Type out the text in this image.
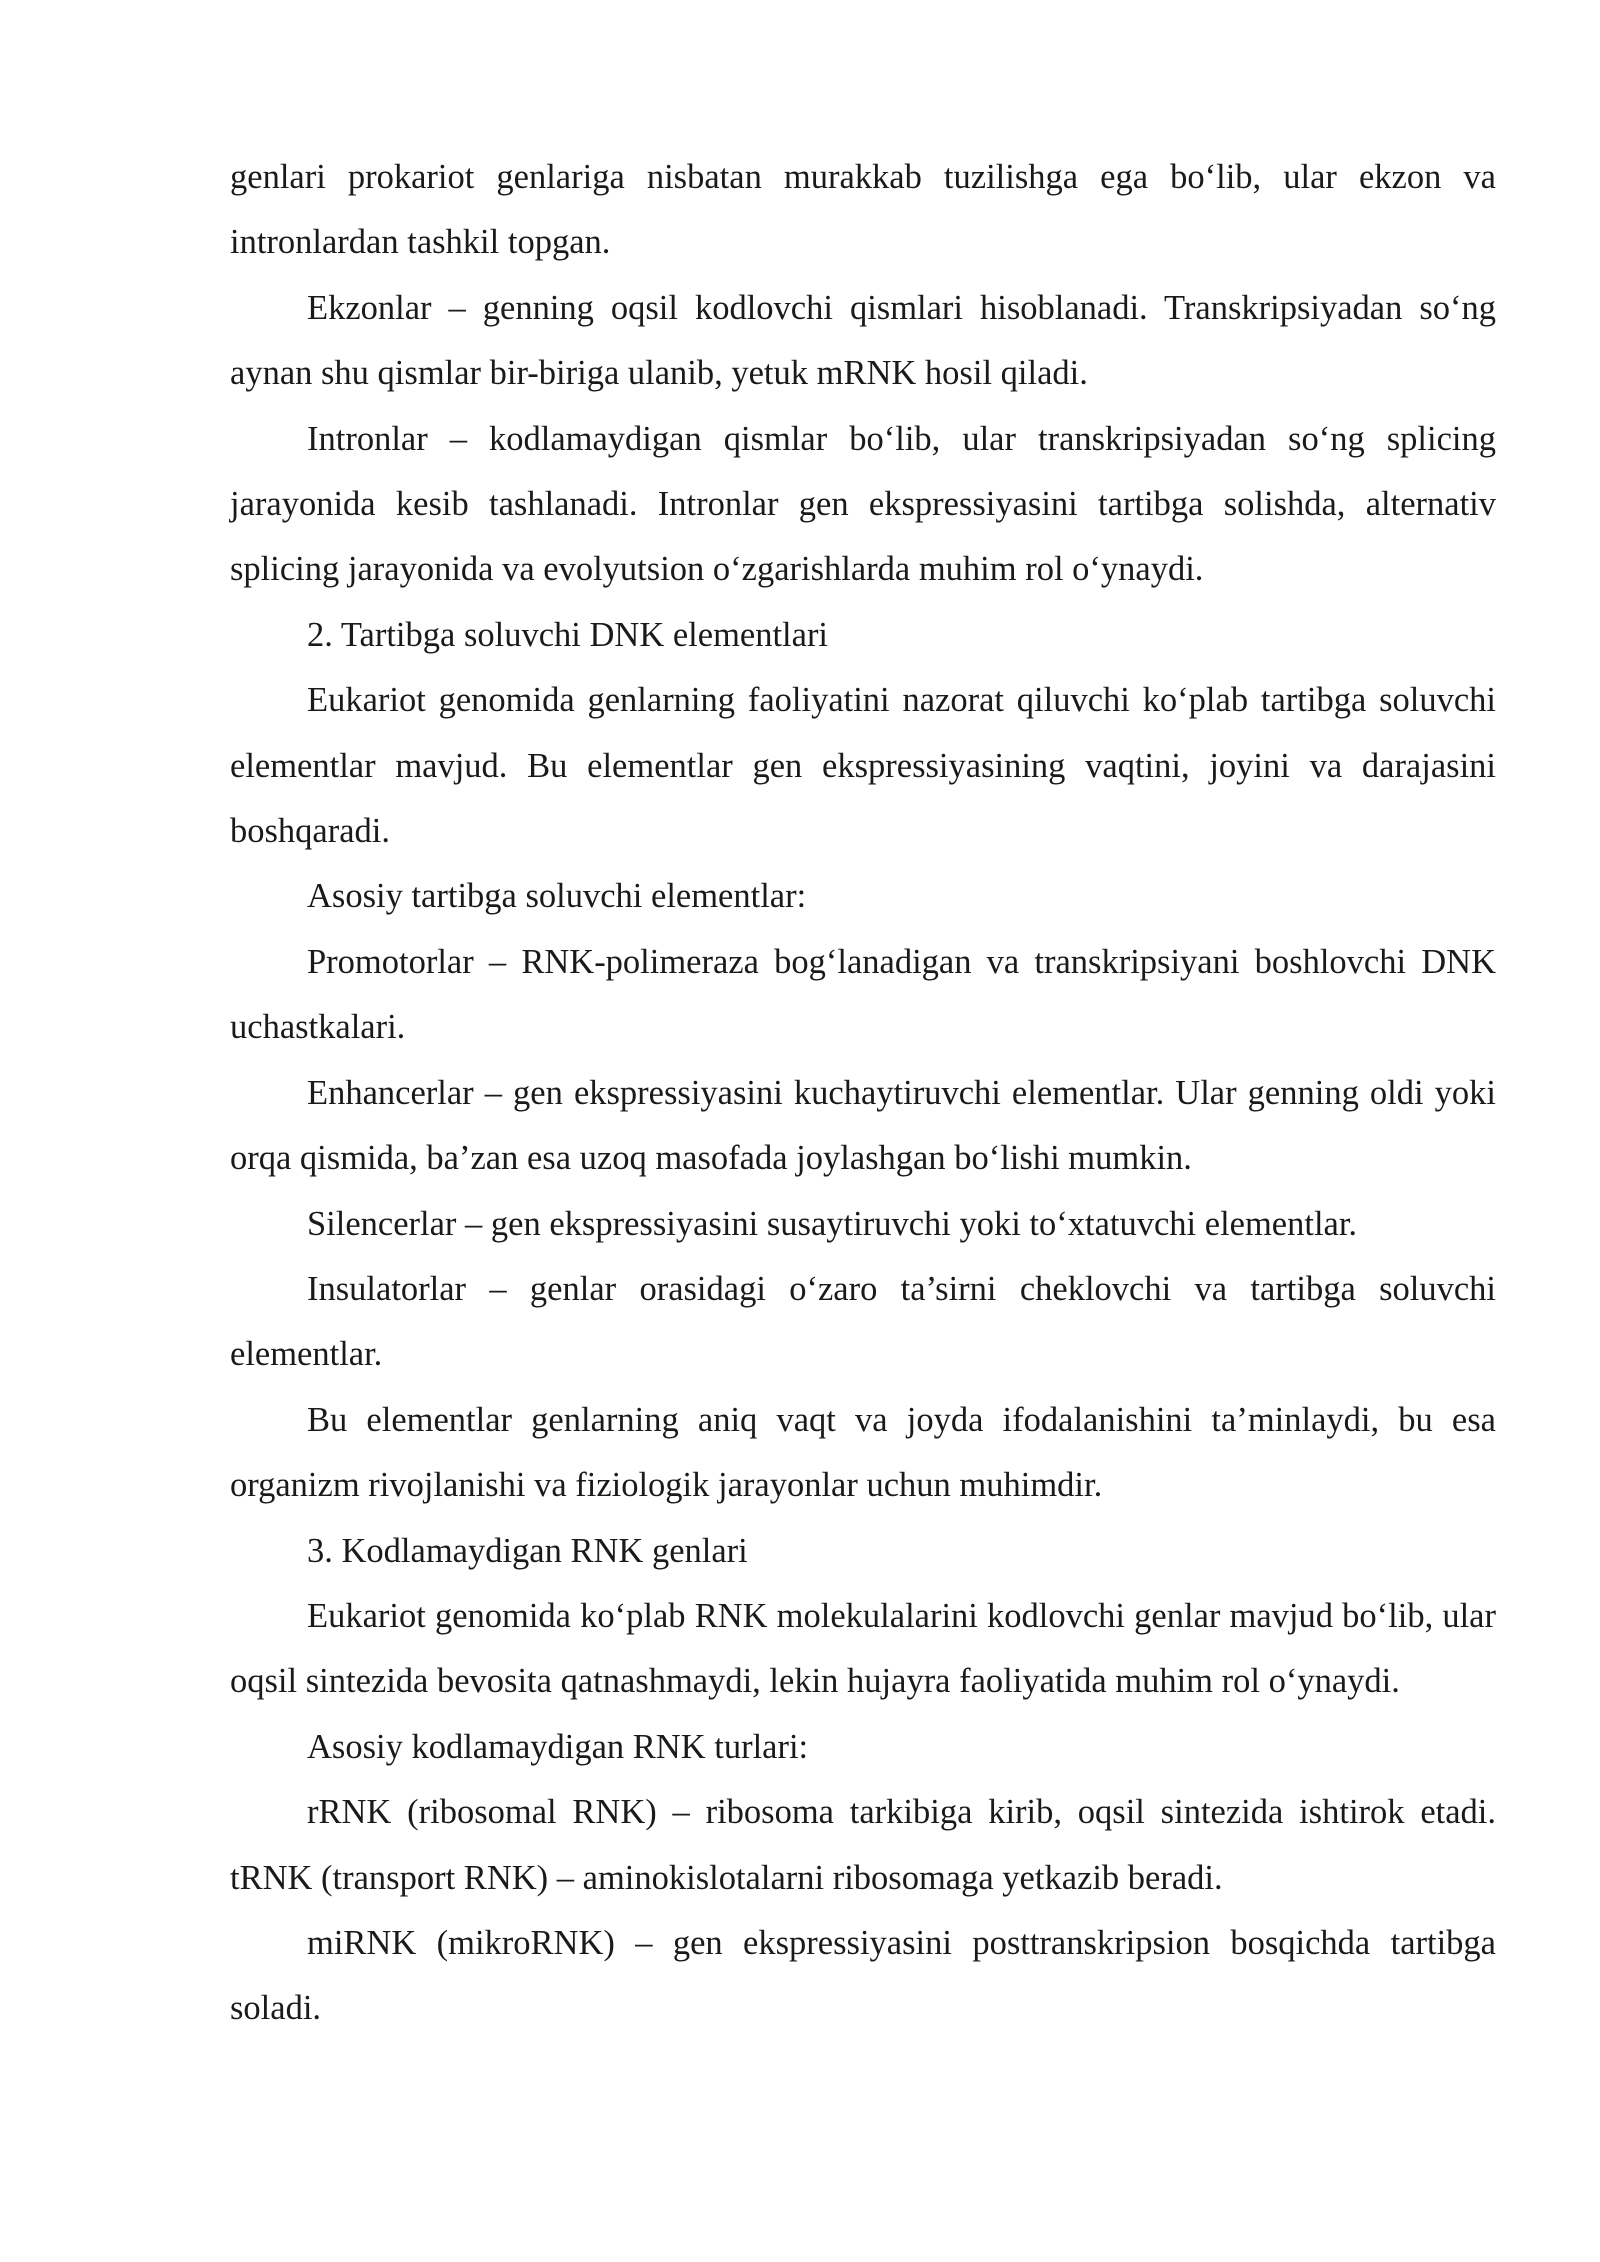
genlari prokariot genlariga nisbatan murakkab tuzilishga ega bo‘lib, ular ekzon va intronlardan tashkil topgan.

Ekzonlar – genning oqsil kodlovchi qismlari hisoblanadi. Transkripsiyadan so‘ng aynan shu qismlar bir-biriga ulanib, yetuk mRNK hosil qiladi.

Intronlar – kodlamaydigan qismlar bo‘lib, ular transkripsiyadan so‘ng splicing jarayonida kesib tashlanadi. Intronlar gen ekspressiyasini tartibga solishda, alternativ splicing jarayonida va evolyutsion o‘zgarishlarda muhim rol o‘ynaydi.

2. Tartibga soluvchi DNK elementlari

Eukariot genomida genlarning faoliyatini nazorat qiluvchi ko‘plab tartibga soluvchi elementlar mavjud. Bu elementlar gen ekspressiyasining vaqtini, joyini va darajasini boshqaradi.

Asosiy tartibga soluvchi elementlar:

Promotorlar – RNK-polimeraza bog‘lanadigan va transkripsiyani boshlovchi DNK uchastkalari.

Enhancerlar – gen ekspressiyasini kuchaytiruvchi elementlar. Ular genning oldi yoki orqa qismida, ba’zan esa uzoq masofada joylashgan bo‘lishi mumkin.

Silencerlar – gen ekspressiyasini susaytiruvchi yoki to‘xtatuvchi elementlar.

Insulatorlar – genlar orasidagi o‘zaro ta’sirni cheklovchi va tartibga soluvchi elementlar.

Bu elementlar genlarning aniq vaqt va joyda ifodalanishini ta’minlaydi, bu esa organizm rivojlanishi va fiziologik jarayonlar uchun muhimdir.

3. Kodlamaydigan RNK genlari

Eukariot genomida ko‘plab RNK molekulalarini kodlovchi genlar mavjud bo‘lib, ular oqsil sintezida bevosita qatnashmaydi, lekin hujayra faoliyatida muhim rol o‘ynaydi.

Asosiy kodlamaydigan RNK turlari:

rRNK (ribosomal RNK) – ribosoma tarkibiga kirib, oqsil sintezida ishtirok etadi. tRNK (transport RNK) – aminokislotalarni ribosomaga yetkazib beradi.

miRNK (mikroRNK) – gen ekspressiyasini posttranskripsion bosqichda tartibga soladi.
